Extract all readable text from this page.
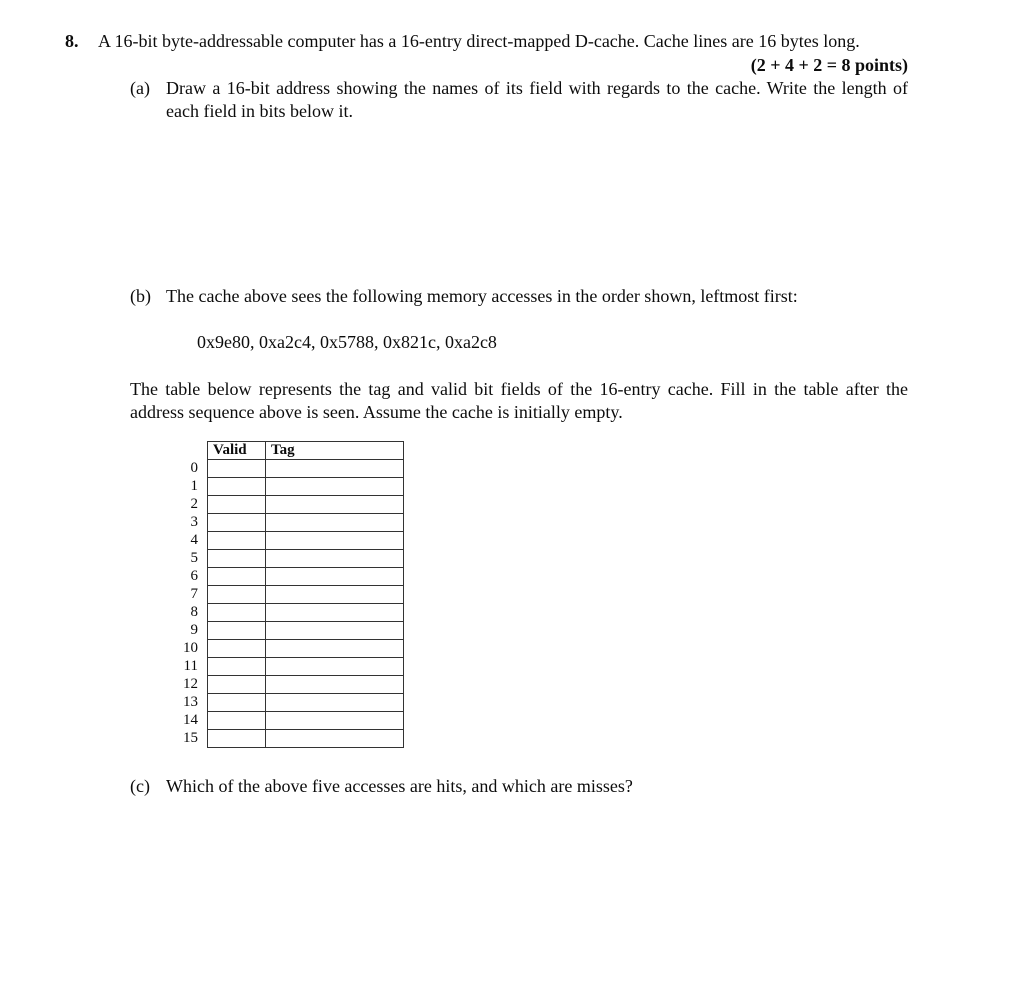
8.	A 16-bit byte-addressable computer has a 16-entry direct-mapped D-cache. Cache lines are 16 bytes long.

(2 + 4 + 2 = 8 points)

(a) Draw a 16-bit address showing the names of its field with regards to the cache. Write the length of each field in bits below it.

(b) The cache above sees the following memory accesses in the order shown, leftmost first:

0x9e80, 0xa2c4, 0x5788, 0x821c, 0xa2c8

The table below represents the tag and valid bit fields of the 16-entry cache. Fill in the table after the address sequence above is seen. Assume the cache is initially empty.

	Valid	Tag
0		
1		
2		
3		
4		
5		
6		
7		
8		
9		
10		
11		
12		
13		
14		
15		
(c) Which of the above five accesses are hits, and which are misses?
